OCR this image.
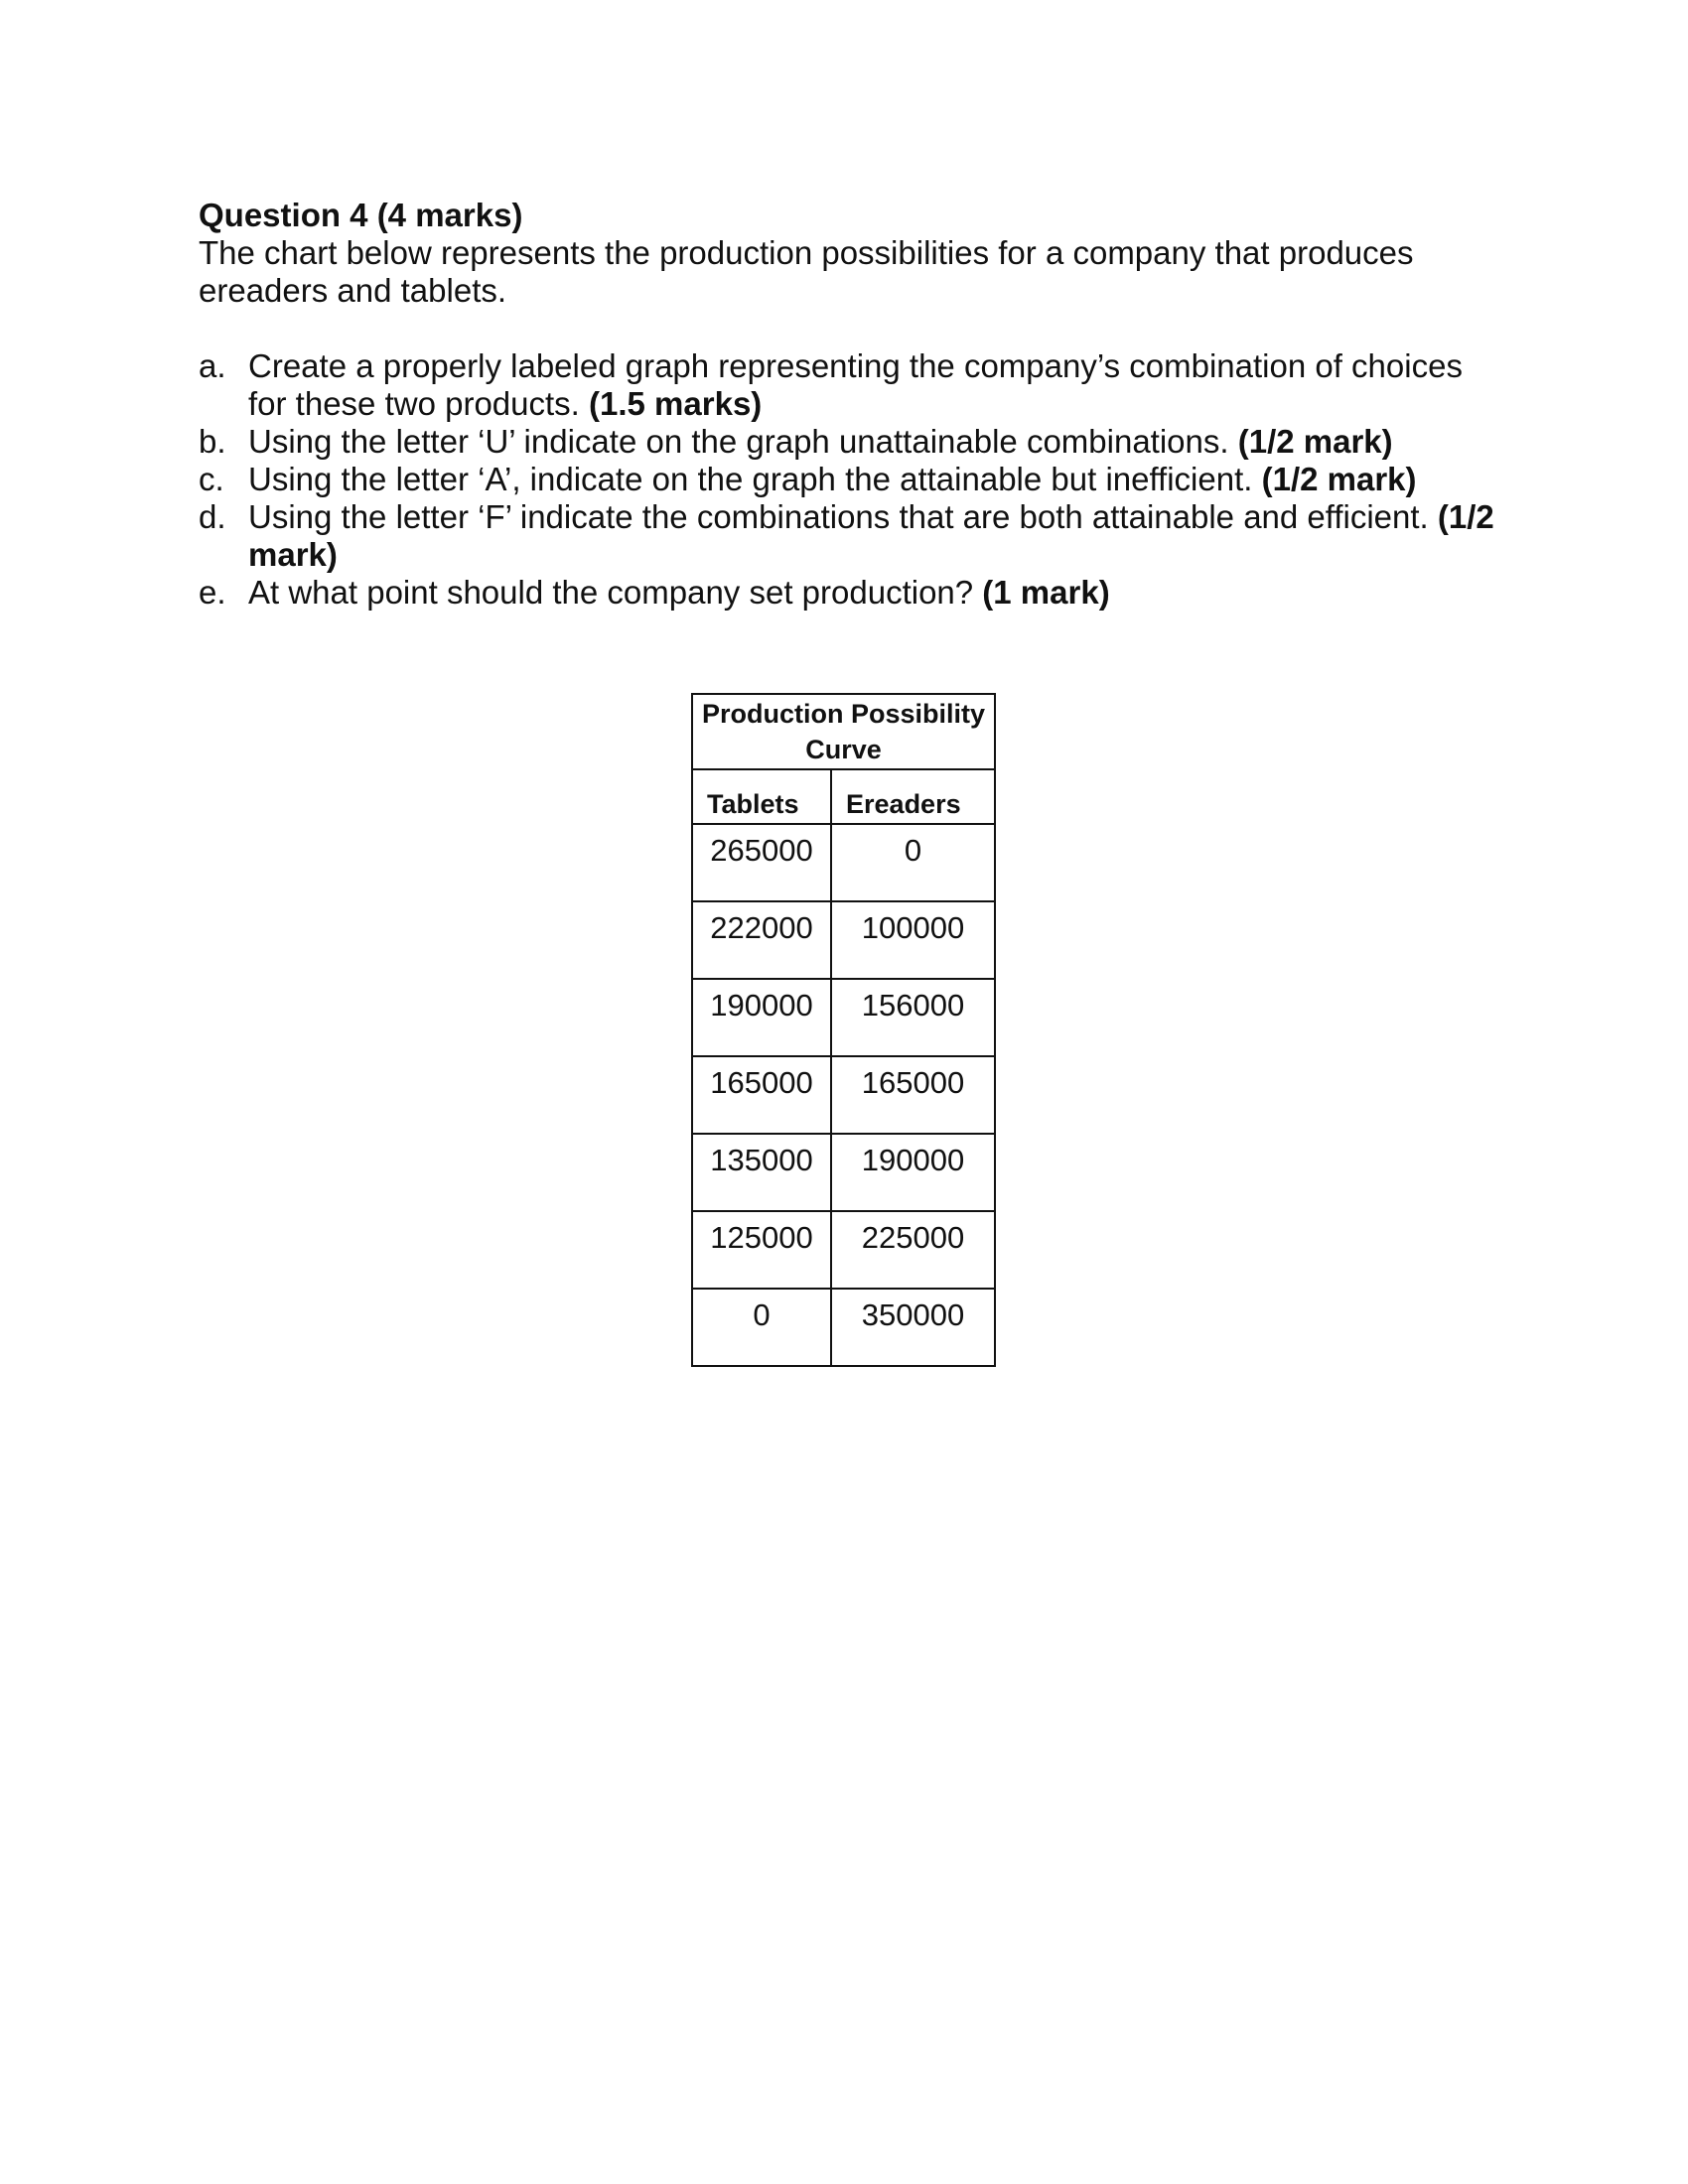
Question 4 (4 marks)

The chart below represents the production possibilities for a company that produces ereaders and tablets.

a. Create a properly labeled graph representing the company’s combination of choices for these two products. (1.5 marks)
b. Using the letter ‘U’ indicate on the graph unattainable combinations. (1/2 mark)
c. Using the letter ‘A’, indicate on the graph the attainable but inefficient. (1/2 mark)
d. Using the letter ‘F’ indicate the combinations that are both attainable and efficient. (1/2 mark)
e. At what point should the company set production? (1 mark)
Production Possibility Curve	
Tablets	Ereaders
265000	0
222000	100000
190000	156000
165000	165000
135000	190000
125000	225000
0	350000
